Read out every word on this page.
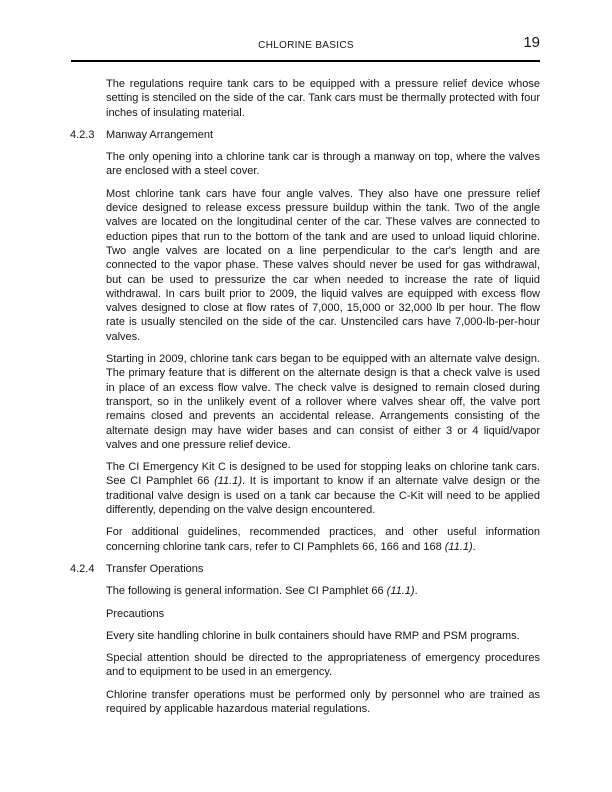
CHLORINE BASICS	19

The regulations require tank cars to be equipped with a pressure relief device whose setting is stenciled on the side of the car. Tank cars must be thermally protected with four inches of insulating material.

4.2.3	Manway Arrangement

The only opening into a chlorine tank car is through a manway on top, where the valves are enclosed with a steel cover.

Most chlorine tank cars have four angle valves. They also have one pressure relief device designed to release excess pressure buildup within the tank. Two of the angle valves are located on the longitudinal center of the car. These valves are connected to eduction pipes that run to the bottom of the tank and are used to unload liquid chlorine. Two angle valves are located on a line perpendicular to the car's length and are connected to the vapor phase. These valves should never be used for gas withdrawal, but can be used to pressurize the car when needed to increase the rate of liquid withdrawal. In cars built prior to 2009, the liquid valves are equipped with excess flow valves designed to close at flow rates of 7,000, 15,000 or 32,000 lb per hour. The flow rate is usually stenciled on the side of the car. Unstenciled cars have 7,000-lb-per-hour valves.

Starting in 2009, chlorine tank cars began to be equipped with an alternate valve design. The primary feature that is different on the alternate design is that a check valve is used in place of an excess flow valve. The check valve is designed to remain closed during transport, so in the unlikely event of a rollover where valves shear off, the valve port remains closed and prevents an accidental release. Arrangements consisting of the alternate design may have wider bases and can consist of either 3 or 4 liquid/vapor valves and one pressure relief device.

The CI Emergency Kit C is designed to be used for stopping leaks on chlorine tank cars. See CI Pamphlet 66 (11.1). It is important to know if an alternate valve design or the traditional valve design is used on a tank car because the C-Kit will need to be applied differently, depending on the valve design encountered.

For additional guidelines, recommended practices, and other useful information concerning chlorine tank cars, refer to CI Pamphlets 66, 166 and 168 (11.1).

4.2.4	Transfer Operations

The following is general information. See CI Pamphlet 66 (11.1).

Precautions

Every site handling chlorine in bulk containers should have RMP and PSM programs.

Special attention should be directed to the appropriateness of emergency procedures and to equipment to be used in an emergency.

Chlorine transfer operations must be performed only by personnel who are trained as required by applicable hazardous material regulations.
